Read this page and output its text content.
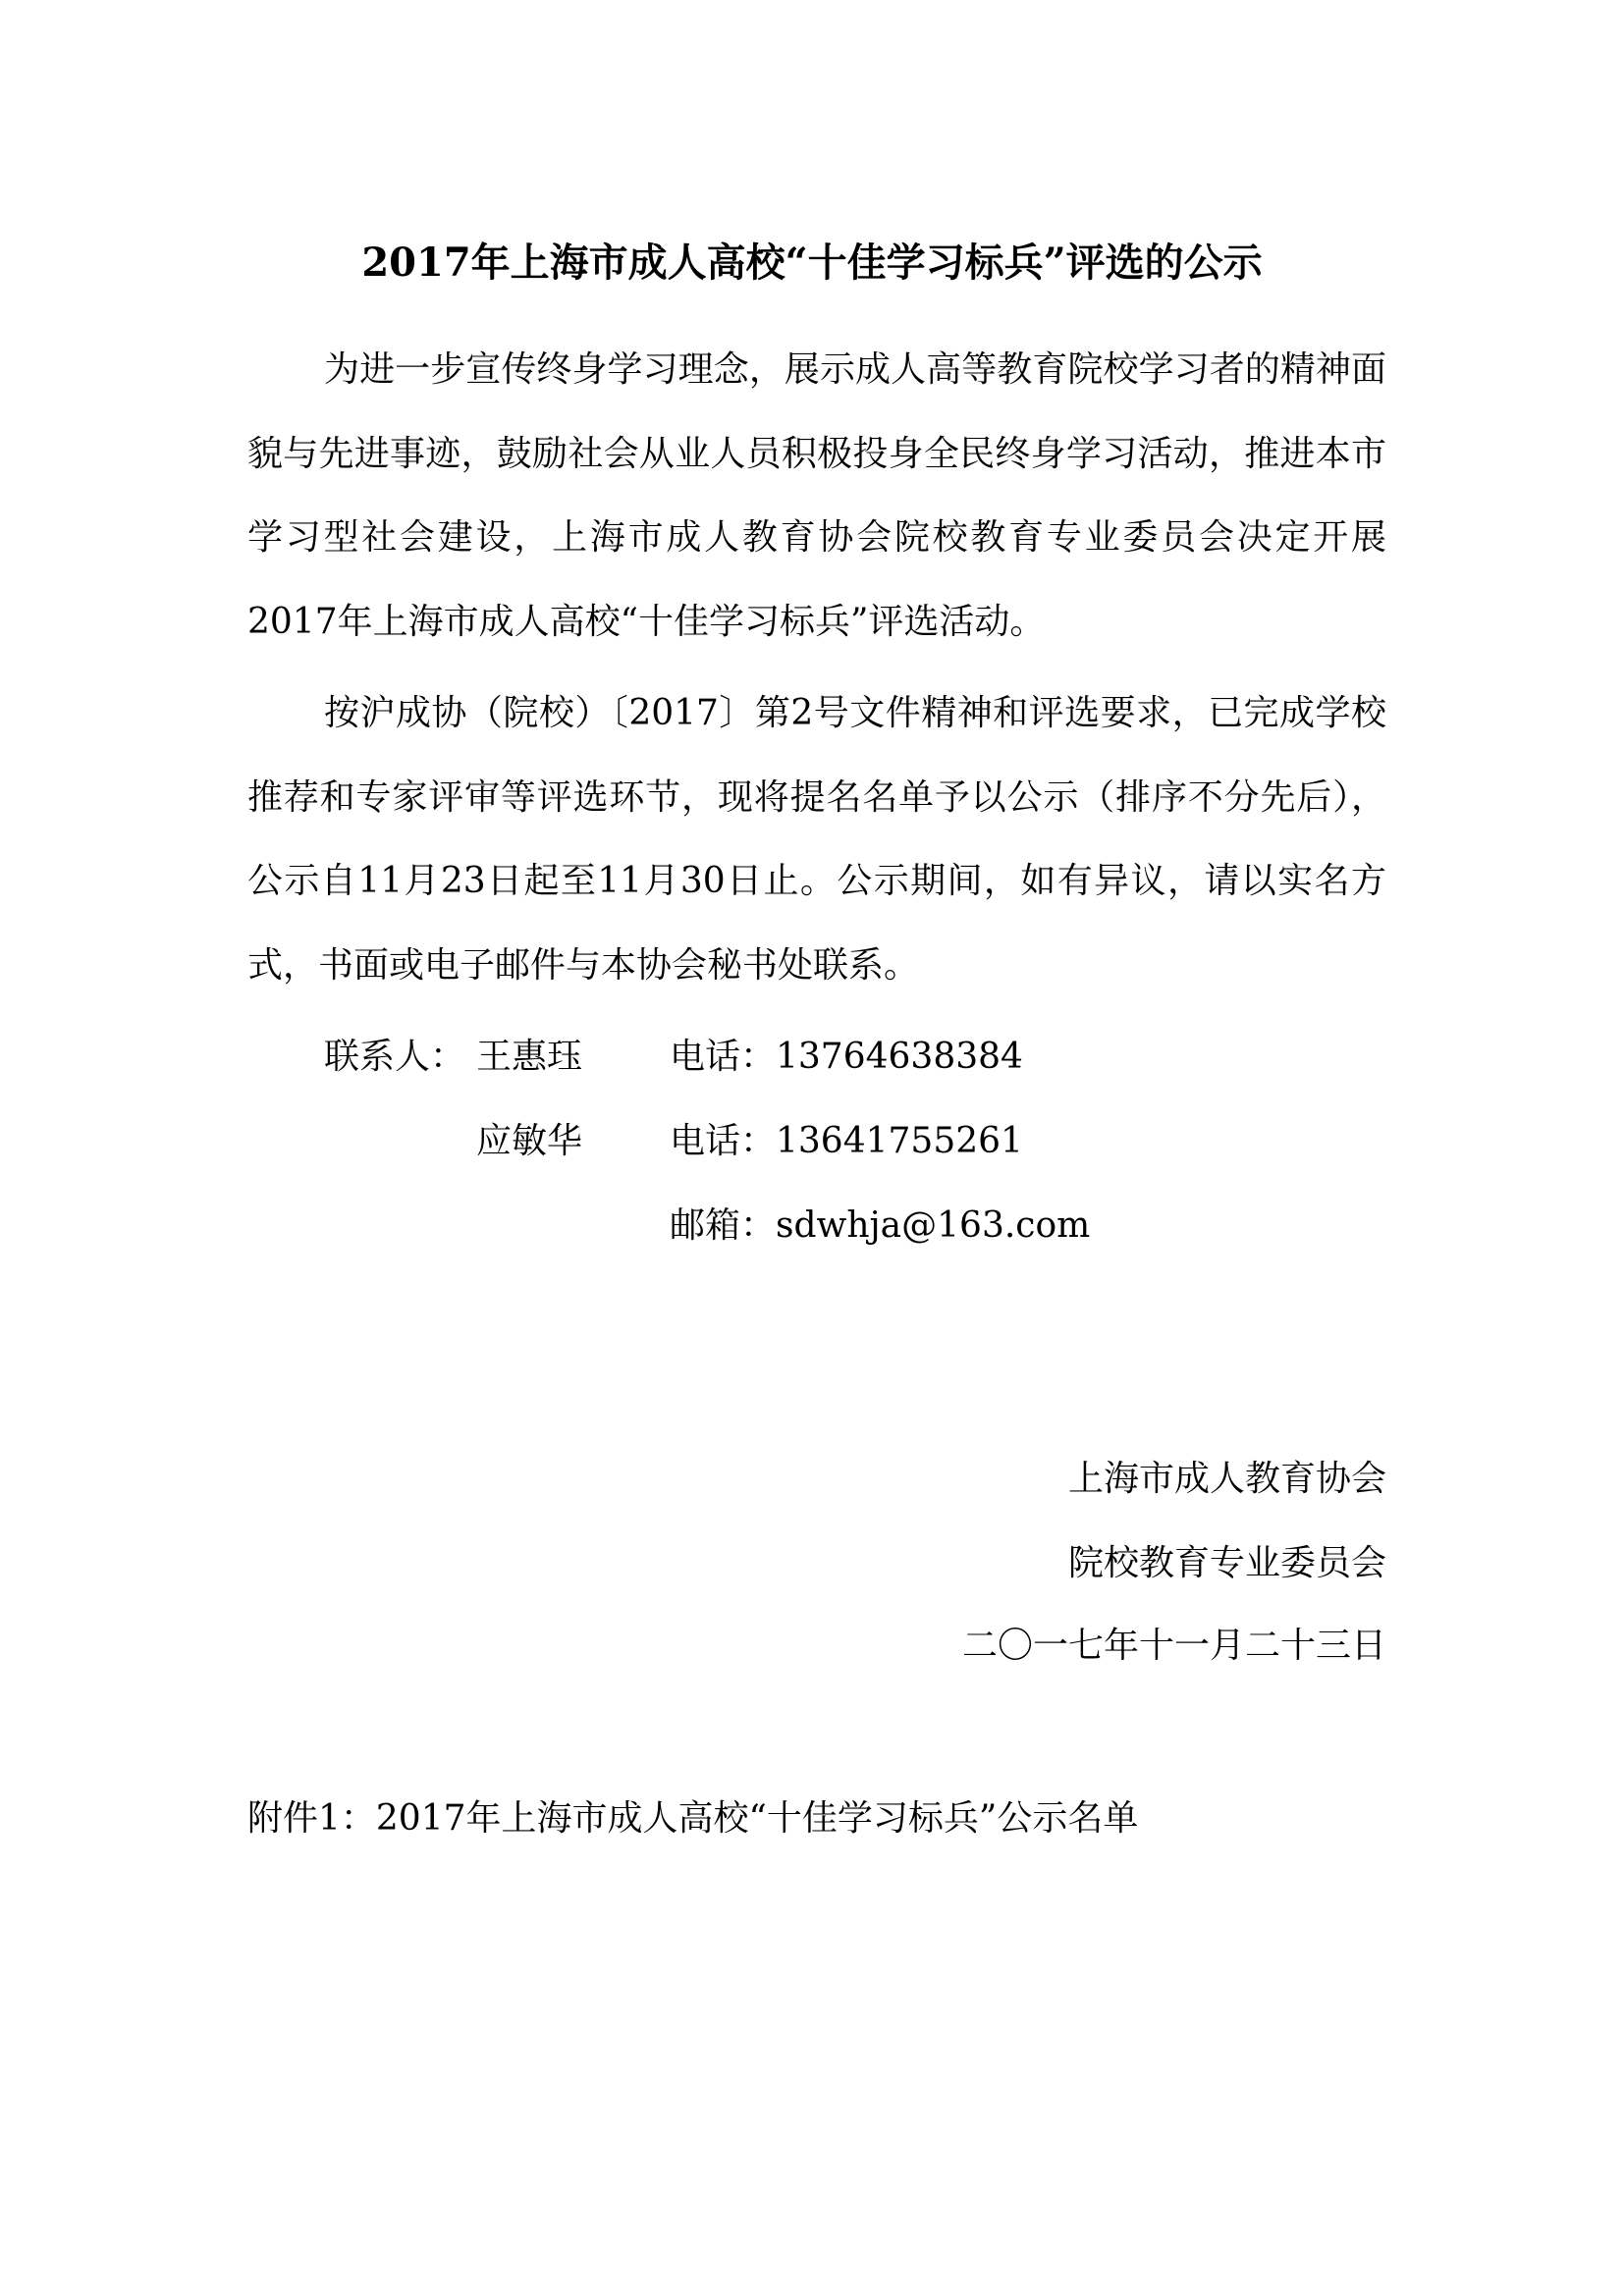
2017年上海市成人高校“十佳学习标兵”评选的公示

为进一步宣传终身学习理念，展示成人高等教育院校学习者的精神面貌与先进事迹，鼓励社会从业人员积极投身全民终身学习活动，推进本市学习型社会建设，上海市成人教育协会院校教育专业委员会决定开展2017年上海市成人高校“十佳学习标兵”评选活动。

按沪成协（院校）〔2017〕第2号文件精神和评选要求，已完成学校推荐和专家评审等评选环节，现将提名名单予以公示（排序不分先后），公示自11月23日起至11月30日止。公示期间，如有异议，请以实名方式，书面或电子邮件与本协会秘书处联系。

联系人： 王惠珏 电话：13764638384
应敏华 电话：13641755261
邮箱：sdwhja@163.com
上海市成人教育协会
院校教育专业委员会
二〇一七年十一月二十三日
附件1：2017年上海市成人高校“十佳学习标兵”公示名单
